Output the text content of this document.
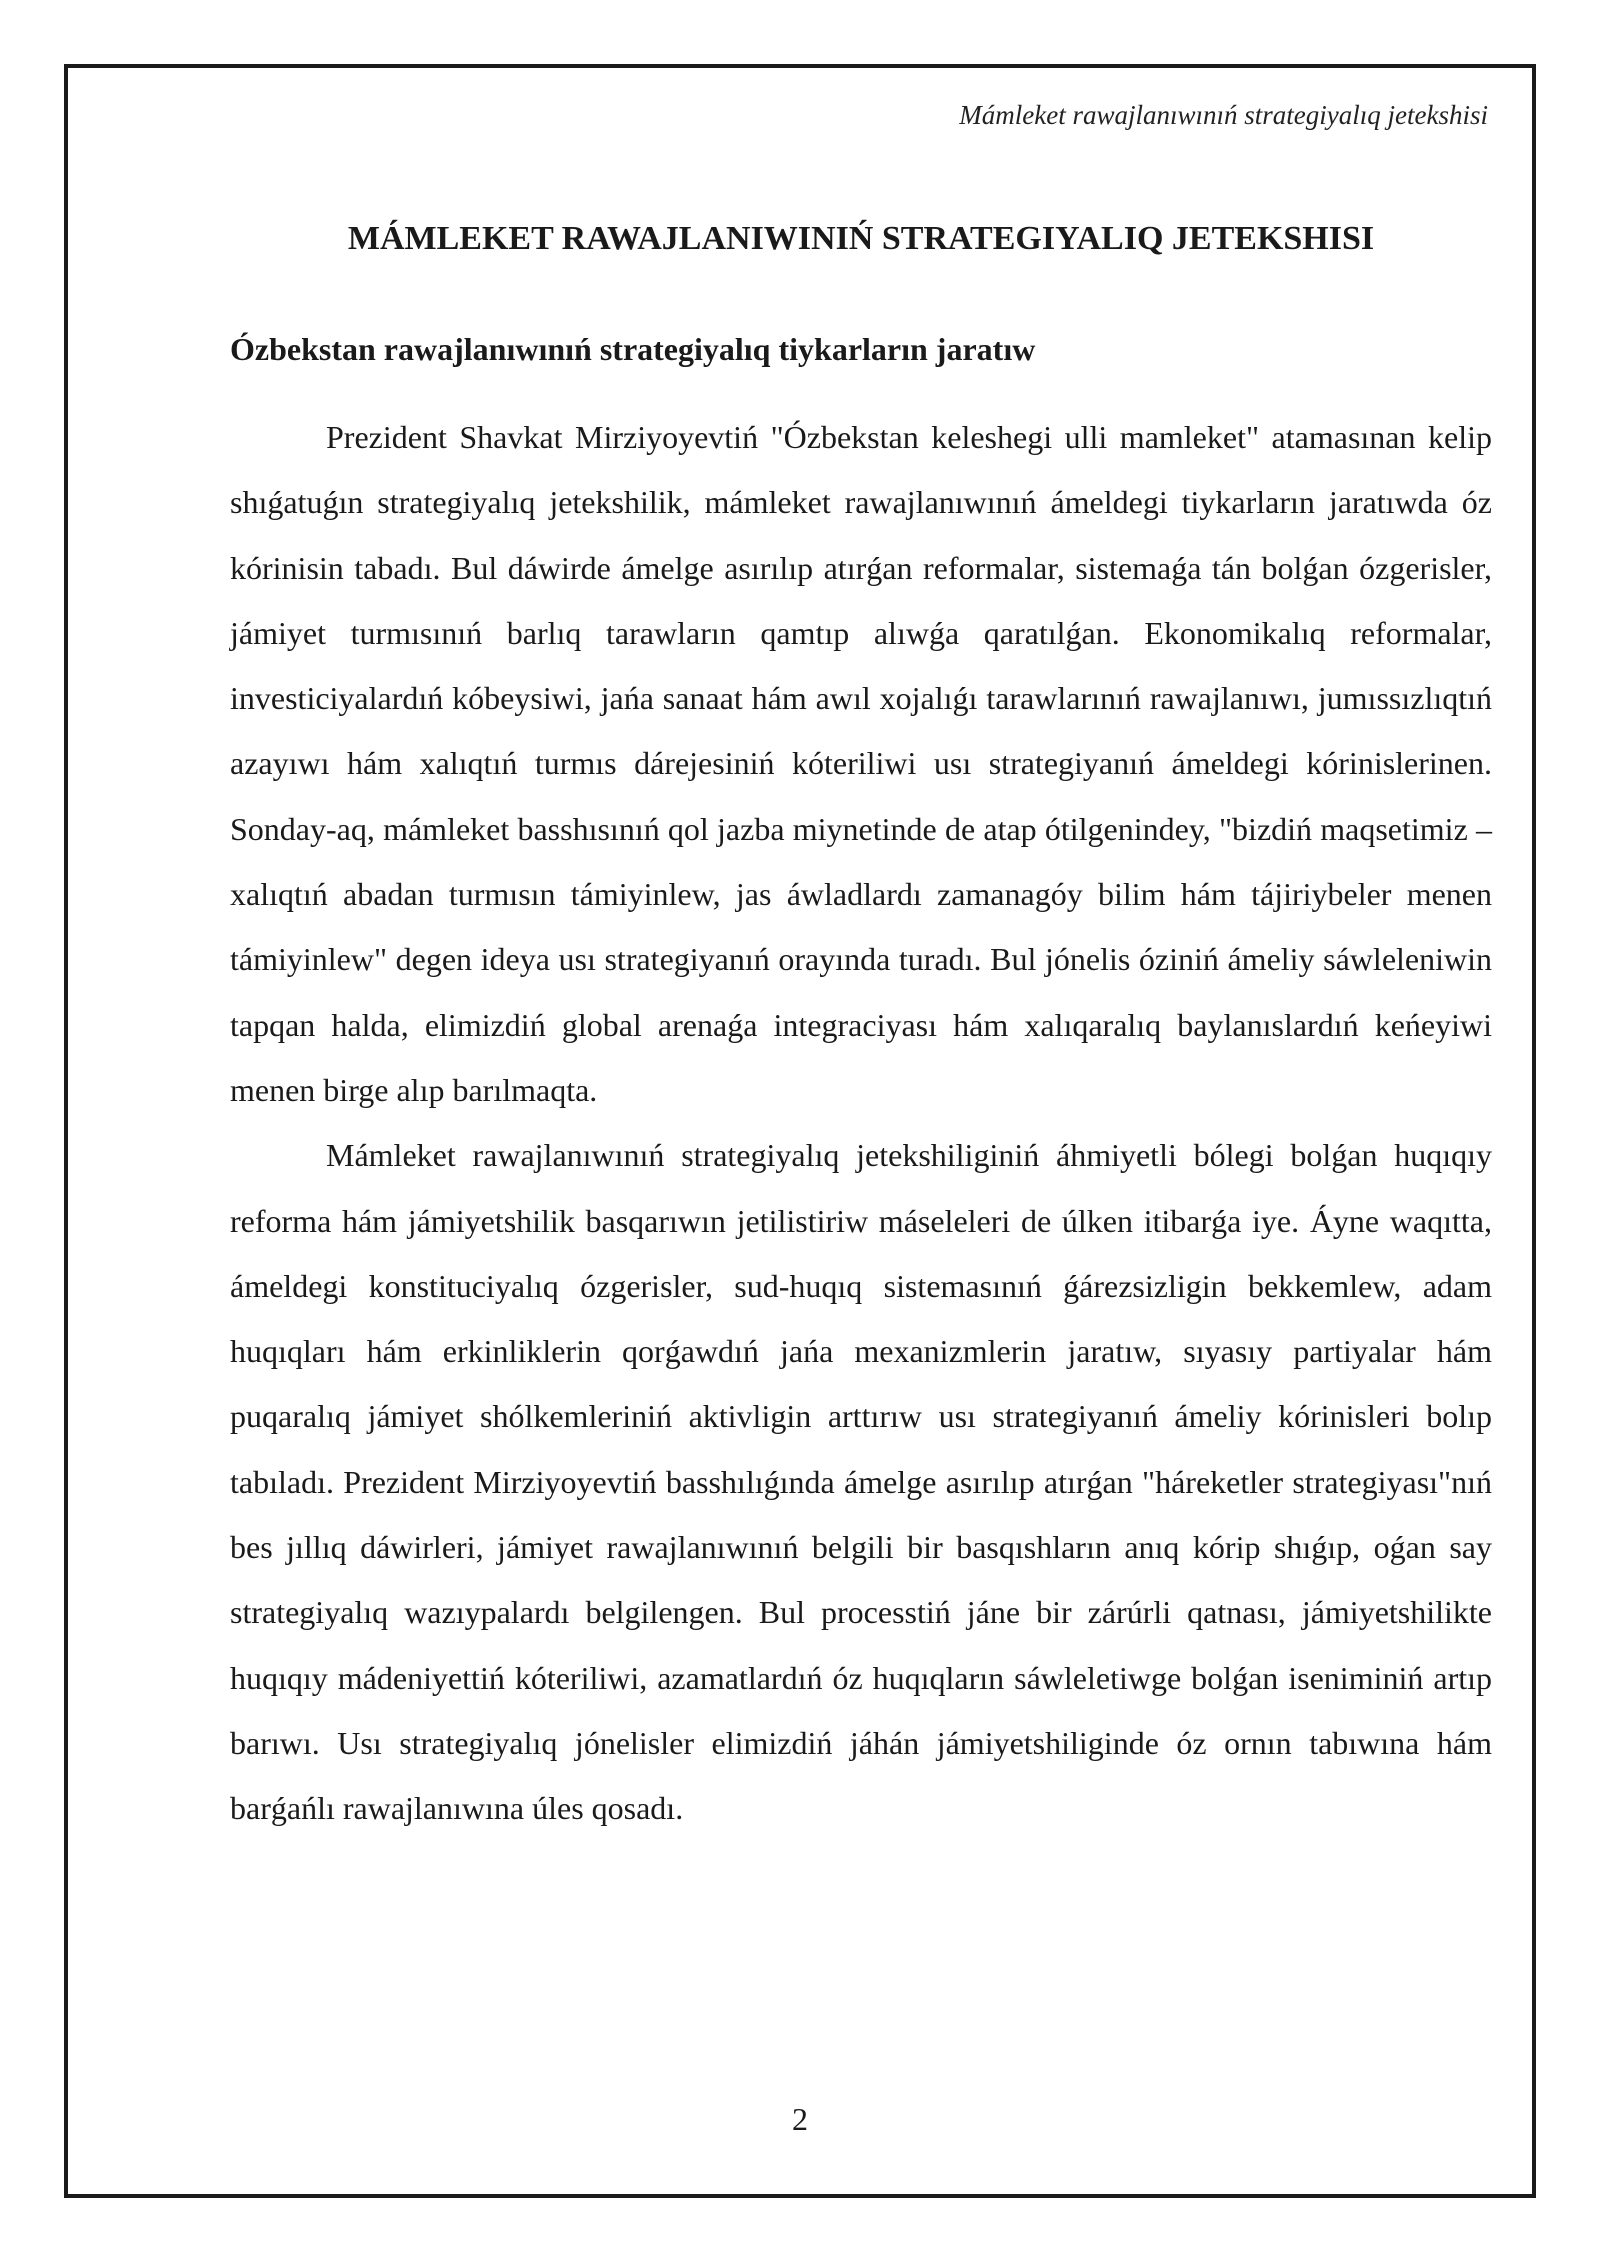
Mámleket rawajlanıwınıń strategiyalıq jetekshisi
MÁMLEKET RAWAJLANIWINIŃ STRATEGIYALIQ JETEKSHISI
Ózbekstan rawajlanıwınıń strategiyalıq tiykarların jaratıw

Prezident Shavkat Mirziyoyevtiń "Ózbekstan keleshegi ulli mamleket" atamasınan kelip shıǵatuǵın strategiyalıq jetekshilik, mámleket rawajlanıwınıń ámeldegi tiykarların jaratıwda óz kórinisin tabadı. Bul dáwirde ámelge asırılıp atırǵan reformalar, sistemaǵa tán bolǵan ózgerisler, jámiyet turmısınıń barlıq tarawların qamtıp alıwǵa qaratılǵan. Ekonomikalıq reformalar, investiciyalardıń kóbeysiwi, jańa sanaat hám awıl xojalıǵı tarawlarınıń rawajlanıwı, jumıssızlıqtıń azayıwı hám xalıqtıń turmıs dárejesiniń kóteriliwi usı strategiyanıń ámeldegi kórinislerinen. Sonday-aq, mámleket basshısınıń qol jazba miynetinde de atap ótilgenindey, "bizdiń maqsetimiz – xalıqtıń abadan turmısın támiyinlew, jas áwladlardı zamanagóy bilim hám tájiriybeler menen támiyinlew" degen ideya usı strategiyanıń orayında turadı. Bul jónelis óziniń ámeliy sáwleleniwin tapqan halda, elimizdiń global arenaǵa integraciyası hám xalıqaralıq baylanıslardıń keńeyiwi menen birge alıp barılmaqta.

Mámleket rawajlanıwınıń strategiyalıq jetekshiliginiń áhmiyetli bólegi bolǵan huqıqıy reforma hám jámiyetshilik basqarıwın jetilistiriw máseleleri de úlken itibarǵa iye. Áyne waqıtta, ámeldegi konstituciyalıq ózgerisler, sud-huqıq sistemasınıń ǵárezsizligin bekkemlew, adam huqıqları hám erkinliklerin qorǵawdıń jańa mexanizmlerin jaratıw, sıyasıy partiyalar hám puqaralıq jámiyet shólkemleriniń aktivligin arttırıw usı strategiyanıń ámeliy kórinisleri bolıp tabıladı. Prezident Mirziyoyevtiń basshılıǵında ámelge asırılıp atırǵan "háreketler strategiyası"nıń bes jıllıq dáwirleri, jámiyet rawajlanıwınıń belgili bir basqıshların anıq kórip shıǵıp, oǵan say strategiyalıq wazıypalardı belgilengen. Bul processtiń jáne bir zárúrli qatnası, jámiyetshilikte huqıqıy mádeniyettiń kóteriliwi, azamatlardıń óz huqıqların sáwleletiwge bolǵan iseniminiń artıp barıwı. Usı strategiyalıq jónelisler elimizdiń jáhán jámiyetshiliginde óz ornın tabıwına hám barǵańlı rawajlanıwına úles qosadı.

2
